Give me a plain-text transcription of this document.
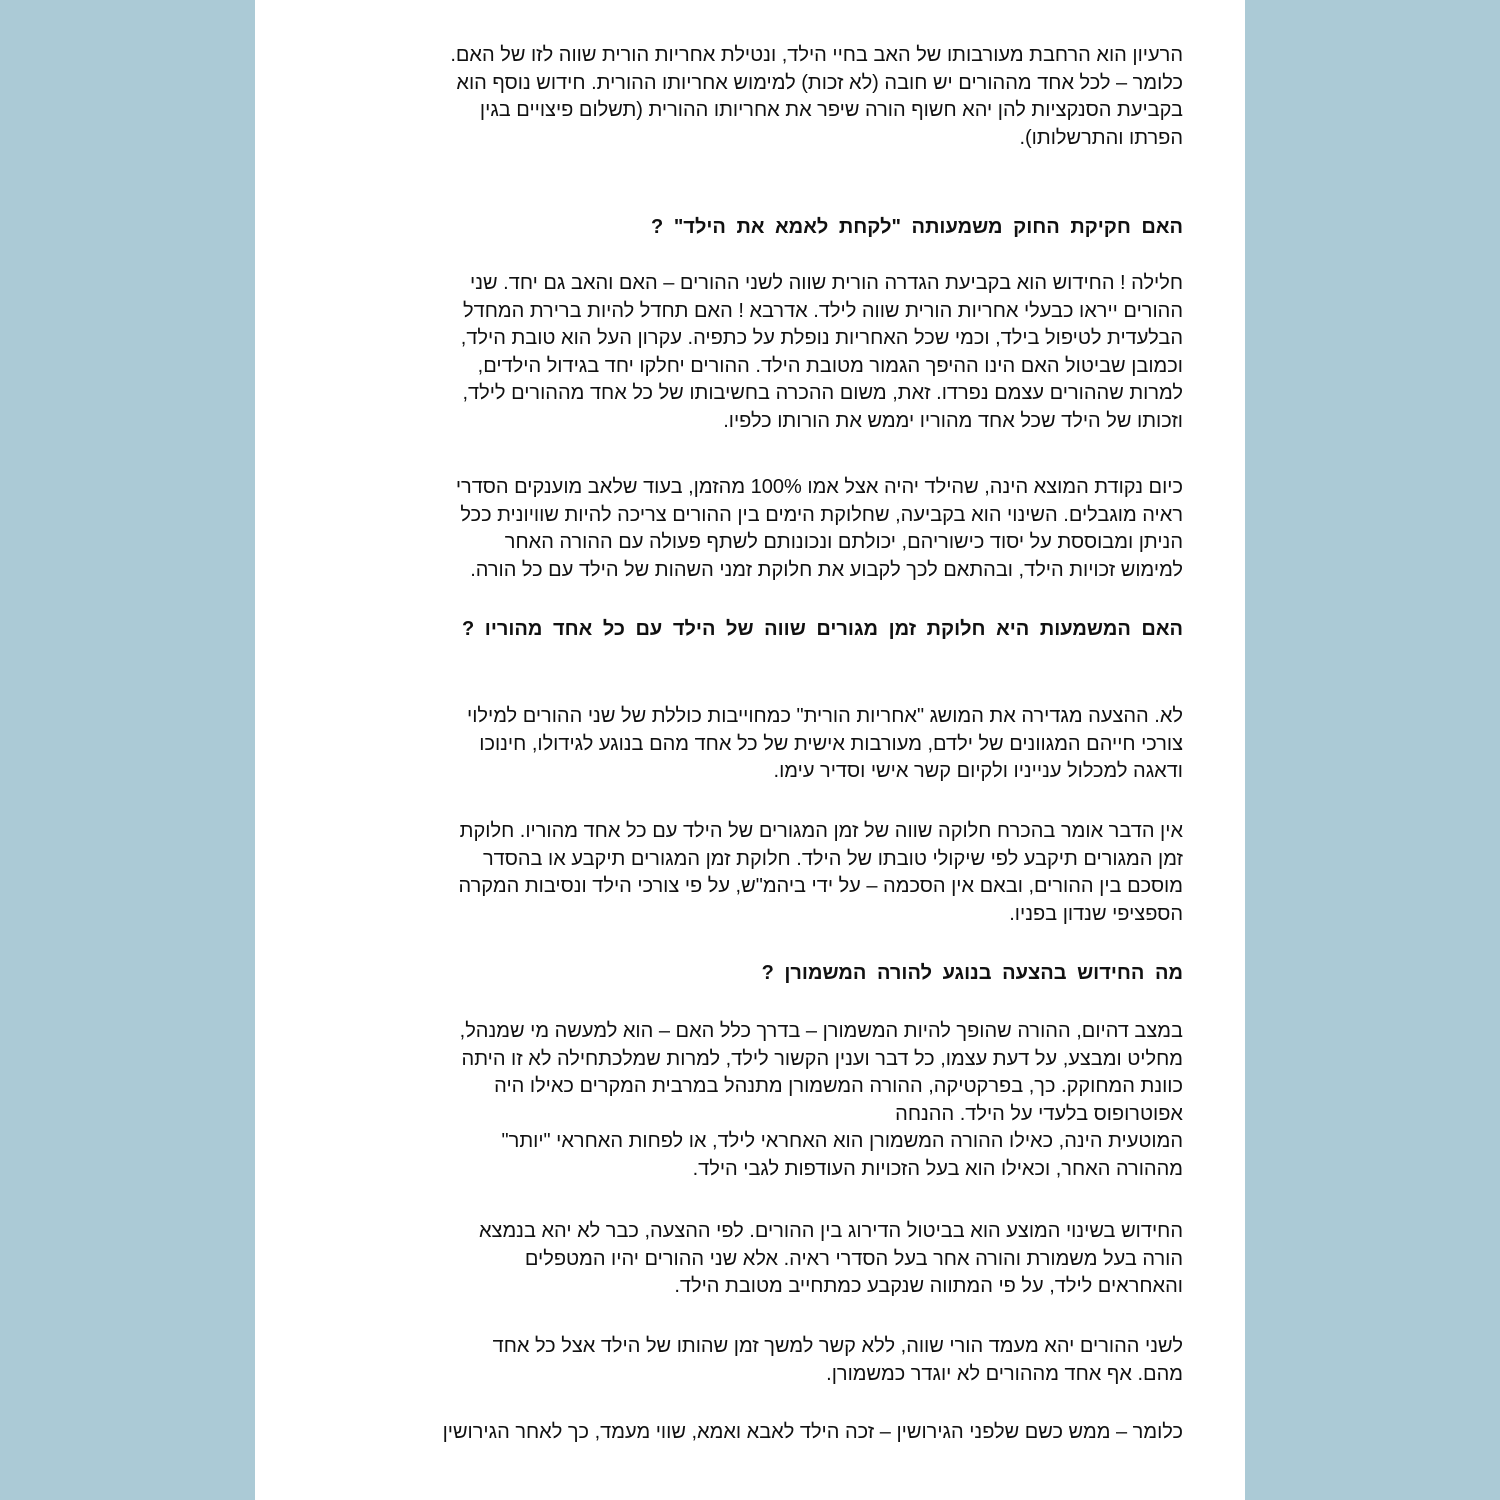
הרעיון הוא הרחבת מעורבותו של האב בחיי הילד, ונטילת אחריות הורית שווה לזו של האם.
כלומר – לכל אחד מההורים יש חובה (לא זכות) למימוש אחריותו ההורית. חידוש נוסף הוא
בקביעת הסנקציות להן יהא חשוף הורה שיפר את אחריותו ההורית (תשלום פיצויים בגין
הפרתו והתרשלותו).
האם חקיקת החוק משמעותה "לקחת לאמא את הילד" ?
חלילה ! החידוש הוא בקביעת הגדרה הורית שווה לשני ההורים – האם והאב גם יחד. שני
ההורים ייראו כבעלי אחריות הורית שווה לילד. אדרבא ! האם תחדל להיות ברירת המחדל
הבלעדית לטיפול בילד, וכמי שכל האחריות נופלת על כתפיה. עקרון העל הוא טובת הילד,
וכמובן שביטול האם הינו ההיפך הגמור מטובת הילד. ההורים יחלקו יחד בגידול הילדים,
למרות שההורים עצמם נפרדו. זאת, משום ההכרה בחשיבותו של כל אחד מההורים לילד,
וזכותו של הילד שכל אחד מהוריו יממש את הורותו כלפיו.
כיום נקודת המוצא הינה, שהילד יהיה אצל אמו 100% מהזמן, בעוד שלאב מוענקים הסדרי
ראיה מוגבלים. השינוי הוא בקביעה, שחלוקת הימים בין ההורים צריכה להיות שוויונית ככל
הניתן ומבוססת על יסוד כישוריהם, יכולתם ונכונותם לשתף פעולה עם ההורה האחר
למימוש זכויות הילד, ובהתאם לכך לקבוע את חלוקת זמני השהות של הילד עם כל הורה.
האם המשמעות היא חלוקת זמן מגורים שווה של הילד עם כל אחד מהוריו ?
לא. ההצעה מגדירה את המושג "אחריות הורית" כמחוייבות כוללת של שני ההורים למילוי
צורכי חייהם המגוונים של ילדם, מעורבות אישית של כל אחד מהם בנוגע לגידולו, חינוכו
ודאגה למכלול ענייניו ולקיום קשר אישי וסדיר עימו.
אין הדבר אומר בהכרח חלוקה שווה של זמן המגורים של הילד עם כל אחד מהוריו. חלוקת
זמן המגורים תיקבע לפי שיקולי טובתו של הילד. חלוקת זמן המגורים תיקבע או בהסדר
מוסכם בין ההורים, ובאם אין הסכמה – על ידי ביהמ"ש, על פי צורכי הילד ונסיבות המקרה
הספציפי שנדון בפניו.
מה החידוש בהצעה בנוגע להורה המשמורן ?
במצב דהיום, ההורה שהופך להיות המשמורן – בדרך כלל האם – הוא למעשה מי שמנהל,
מחליט ומבצע, על דעת עצמו, כל דבר וענין הקשור לילד, למרות שמלכתחילה לא זו היתה
כוונת המחוקק. כך, בפרקטיקה, ההורה המשמורן מתנהל במרבית המקרים כאילו היה
אפוטרופוס בלעדי על הילד. ההנחה
המוטעית הינה, כאילו ההורה המשמורן הוא האחראי לילד, או לפחות האחראי "יותר"
מההורה האחר, וכאילו הוא בעל הזכויות העודפות לגבי הילד.
החידוש בשינוי המוצע הוא בביטול הדירוג בין ההורים. לפי ההצעה, כבר לא יהא בנמצא
הורה בעל משמורת והורה אחר בעל הסדרי ראיה. אלא שני ההורים יהיו המטפלים
והאחראים לילד, על פי המתווה שנקבע כמתחייב מטובת הילד.
לשני ההורים יהא מעמד הורי שווה, ללא קשר למשך זמן שהותו של הילד אצל כל אחד
מהם. אף אחד מההורים לא יוגדר כמשמורן.
כלומר – ממש כשם שלפני הגירושין – זכה הילד לאבא ואמא, שווי מעמד, כך לאחר הגירושין
